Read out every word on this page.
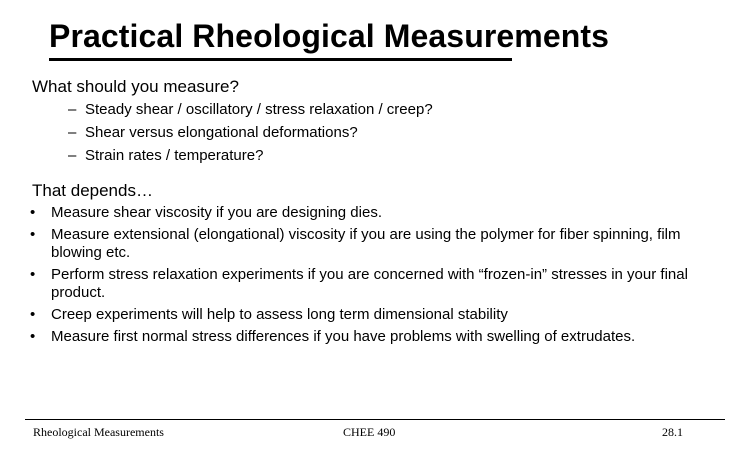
Practical Rheological Measurements
What should you measure?
– Steady shear / oscillatory / stress relaxation / creep?
– Shear versus elongational deformations?
– Strain rates / temperature?
That depends…
•	Measure shear viscosity if you are designing dies.
•	Measure extensional (elongational) viscosity if you are using the polymer for fiber spinning, film blowing etc.
•	Perform stress relaxation experiments if you are concerned with “frozen-in” stresses in your final product.
•	Creep experiments will help to assess long term dimensional stability
•	Measure first normal stress differences if you have problems with swelling of extrudates.
Rheological Measurements	CHEE 490	28.1
